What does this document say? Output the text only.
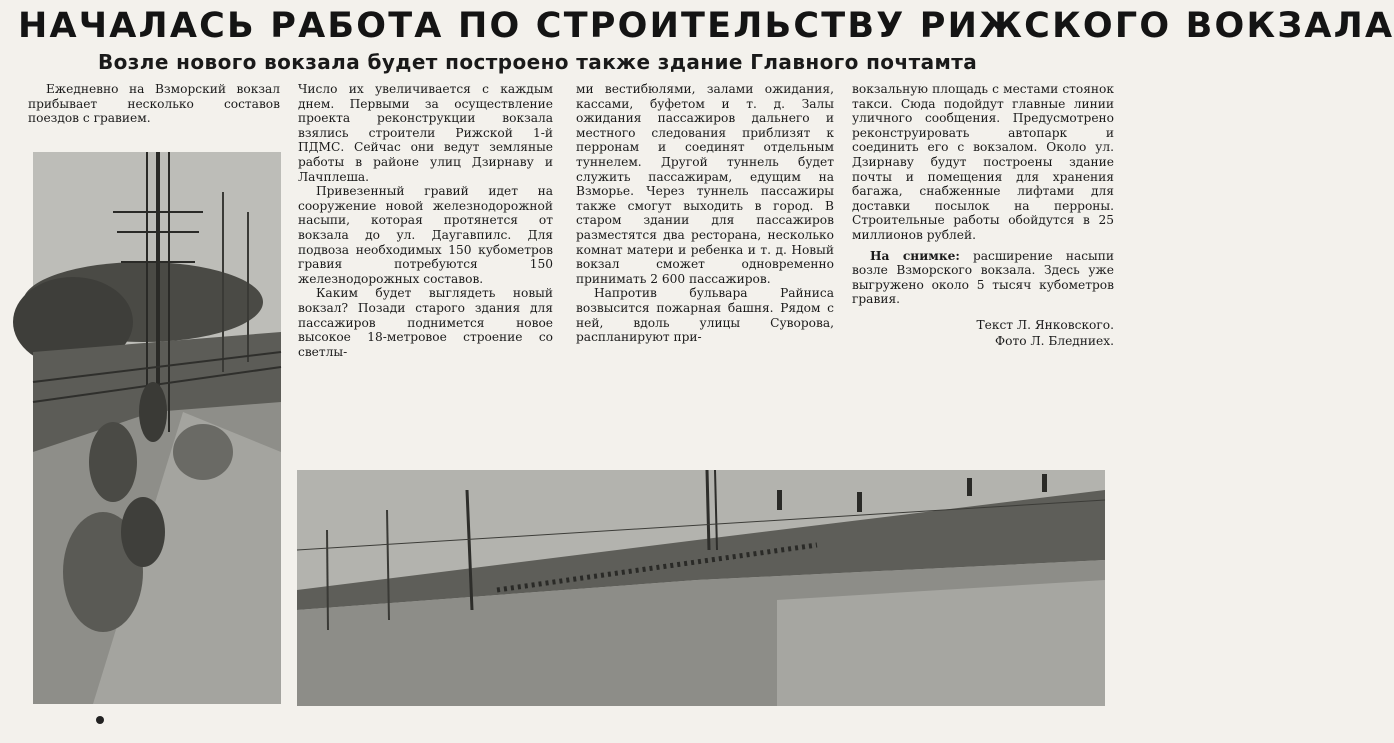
НАЧАЛАСЬ РАБОТА ПО СТРОИТЕЛЬСТВУ РИЖСКОГО ВОКЗАЛА
Возле нового вокзала будет построено также здание Главного почтамта

Ежедневно на Взморский вокзал прибывает несколько составов поездов с гравием.

Число их увеличивается с каждым днем. Первыми за осуществление проекта реконструкции вокзала взялись строители Рижской 1-й ПДМС. Сейчас они ведут земляные работы в районе улиц Дзирнаву и Лачплеша.

Привезенный гравий идет на сооружение новой железнодорожной насыпи, которая протянется от вокзала до ул. Даугавпилс. Для подвоза необходимых 150 кубометров гравия потребуются 150 железнодорожных составов.

Каким будет выглядеть новый вокзал? Позади старого здания для пассажиров поднимется новое высокое 18-метровое строение со светлы-

ми вестибюлями, залами ожидания, кассами, буфетом и т. д. Залы ожидания пассажиров дальнего и местного следования приблизят к перронам и соединят отдельным туннелем. Другой туннель будет служить пассажирам, едущим на Взморье. Через туннель пассажиры также смогут выходить в город. В старом здании для пассажиров разместятся два ресторана, несколько комнат матери и ребенка и т. д. Новый вокзал сможет одновременно принимать 2 600 пассажиров.

Напротив бульвара Райниса возвысится пожарная башня. Рядом с ней, вдоль улицы Суворова, распланируют при-

вокзальную площадь с местами стоянок такси. Сюда подойдут главные линии уличного сообщения. Предусмотрено реконструировать автопарк и соединить его с вокзалом. Около ул. Дзирнаву будут построены здание почты и помещения для хранения багажа, снабженные лифтами для доставки посылок на перроны. Строительные работы обойдутся в 25 миллионов рублей.

На снимке: расширение насыпи возле Взморского вокзала. Здесь уже выгружено около 5 тысяч кубометров гравия.

Текст Л. Янковского.
Фото Л. Бледниеx.
